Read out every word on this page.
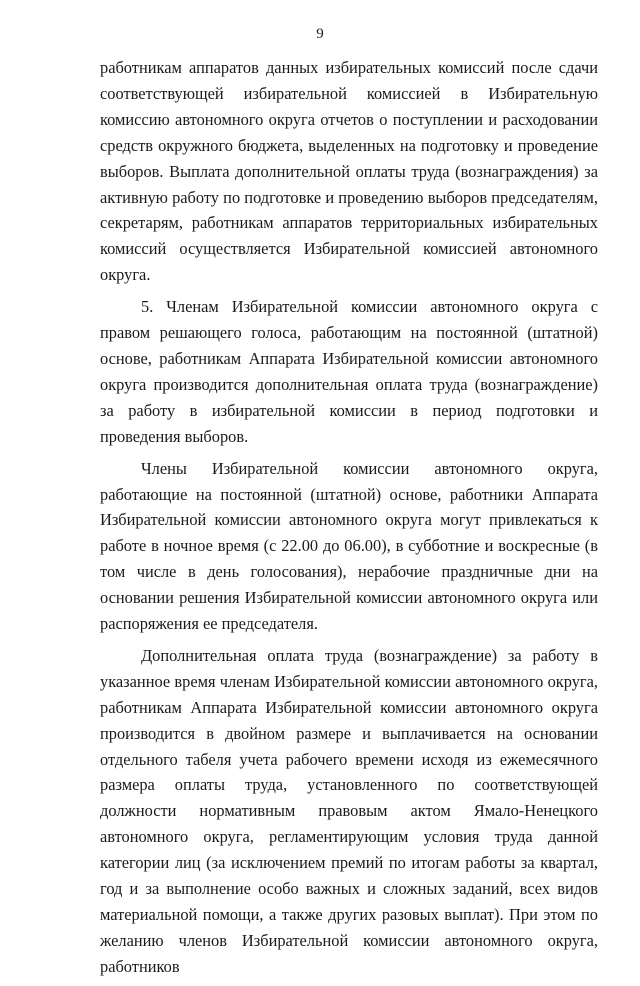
9

работникам аппаратов данных избирательных комиссий после сдачи соответствующей избирательной комиссией в Избирательную комиссию автономного округа отчетов о поступлении и расходовании средств окружного бюджета, выделенных на подготовку и проведение выборов. Выплата дополнительной оплаты труда (вознаграждения) за активную работу по подготовке и проведению выборов председателям, секретарям, работникам аппаратов территориальных избирательных комиссий осуществляется Избирательной комиссией автономного округа.

5. Членам Избирательной комиссии автономного округа с правом решающего голоса, работающим на постоянной (штатной) основе, работникам Аппарата Избирательной комиссии автономного округа производится дополнительная оплата труда (вознаграждение) за работу в избирательной комиссии в период подготовки и проведения выборов.

Члены Избирательной комиссии автономного округа, работающие на постоянной (штатной) основе, работники Аппарата Избирательной комиссии автономного округа могут привлекаться к работе в ночное время (с 22.00 до 06.00), в субботние и воскресные (в том числе в день голосования), нерабочие праздничные дни на основании решения Избирательной комиссии автономного округа или распоряжения ее председателя.

Дополнительная оплата труда (вознаграждение) за работу в указанное время членам Избирательной комиссии автономного округа, работникам Аппарата Избирательной комиссии автономного округа производится в двойном размере и выплачивается на основании отдельного табеля учета рабочего времени исходя из ежемесячного размера оплаты труда, установленного по соответствующей должности нормативным правовым актом Ямало-Ненецкого автономного округа, регламентирующим условия труда данной категории лиц (за исключением премий по итогам работы за квартал, год и за выполнение особо важных и сложных заданий, всех видов материальной помощи, а также других разовых выплат). При этом по желанию членов Избирательной комиссии автономного округа, работников
